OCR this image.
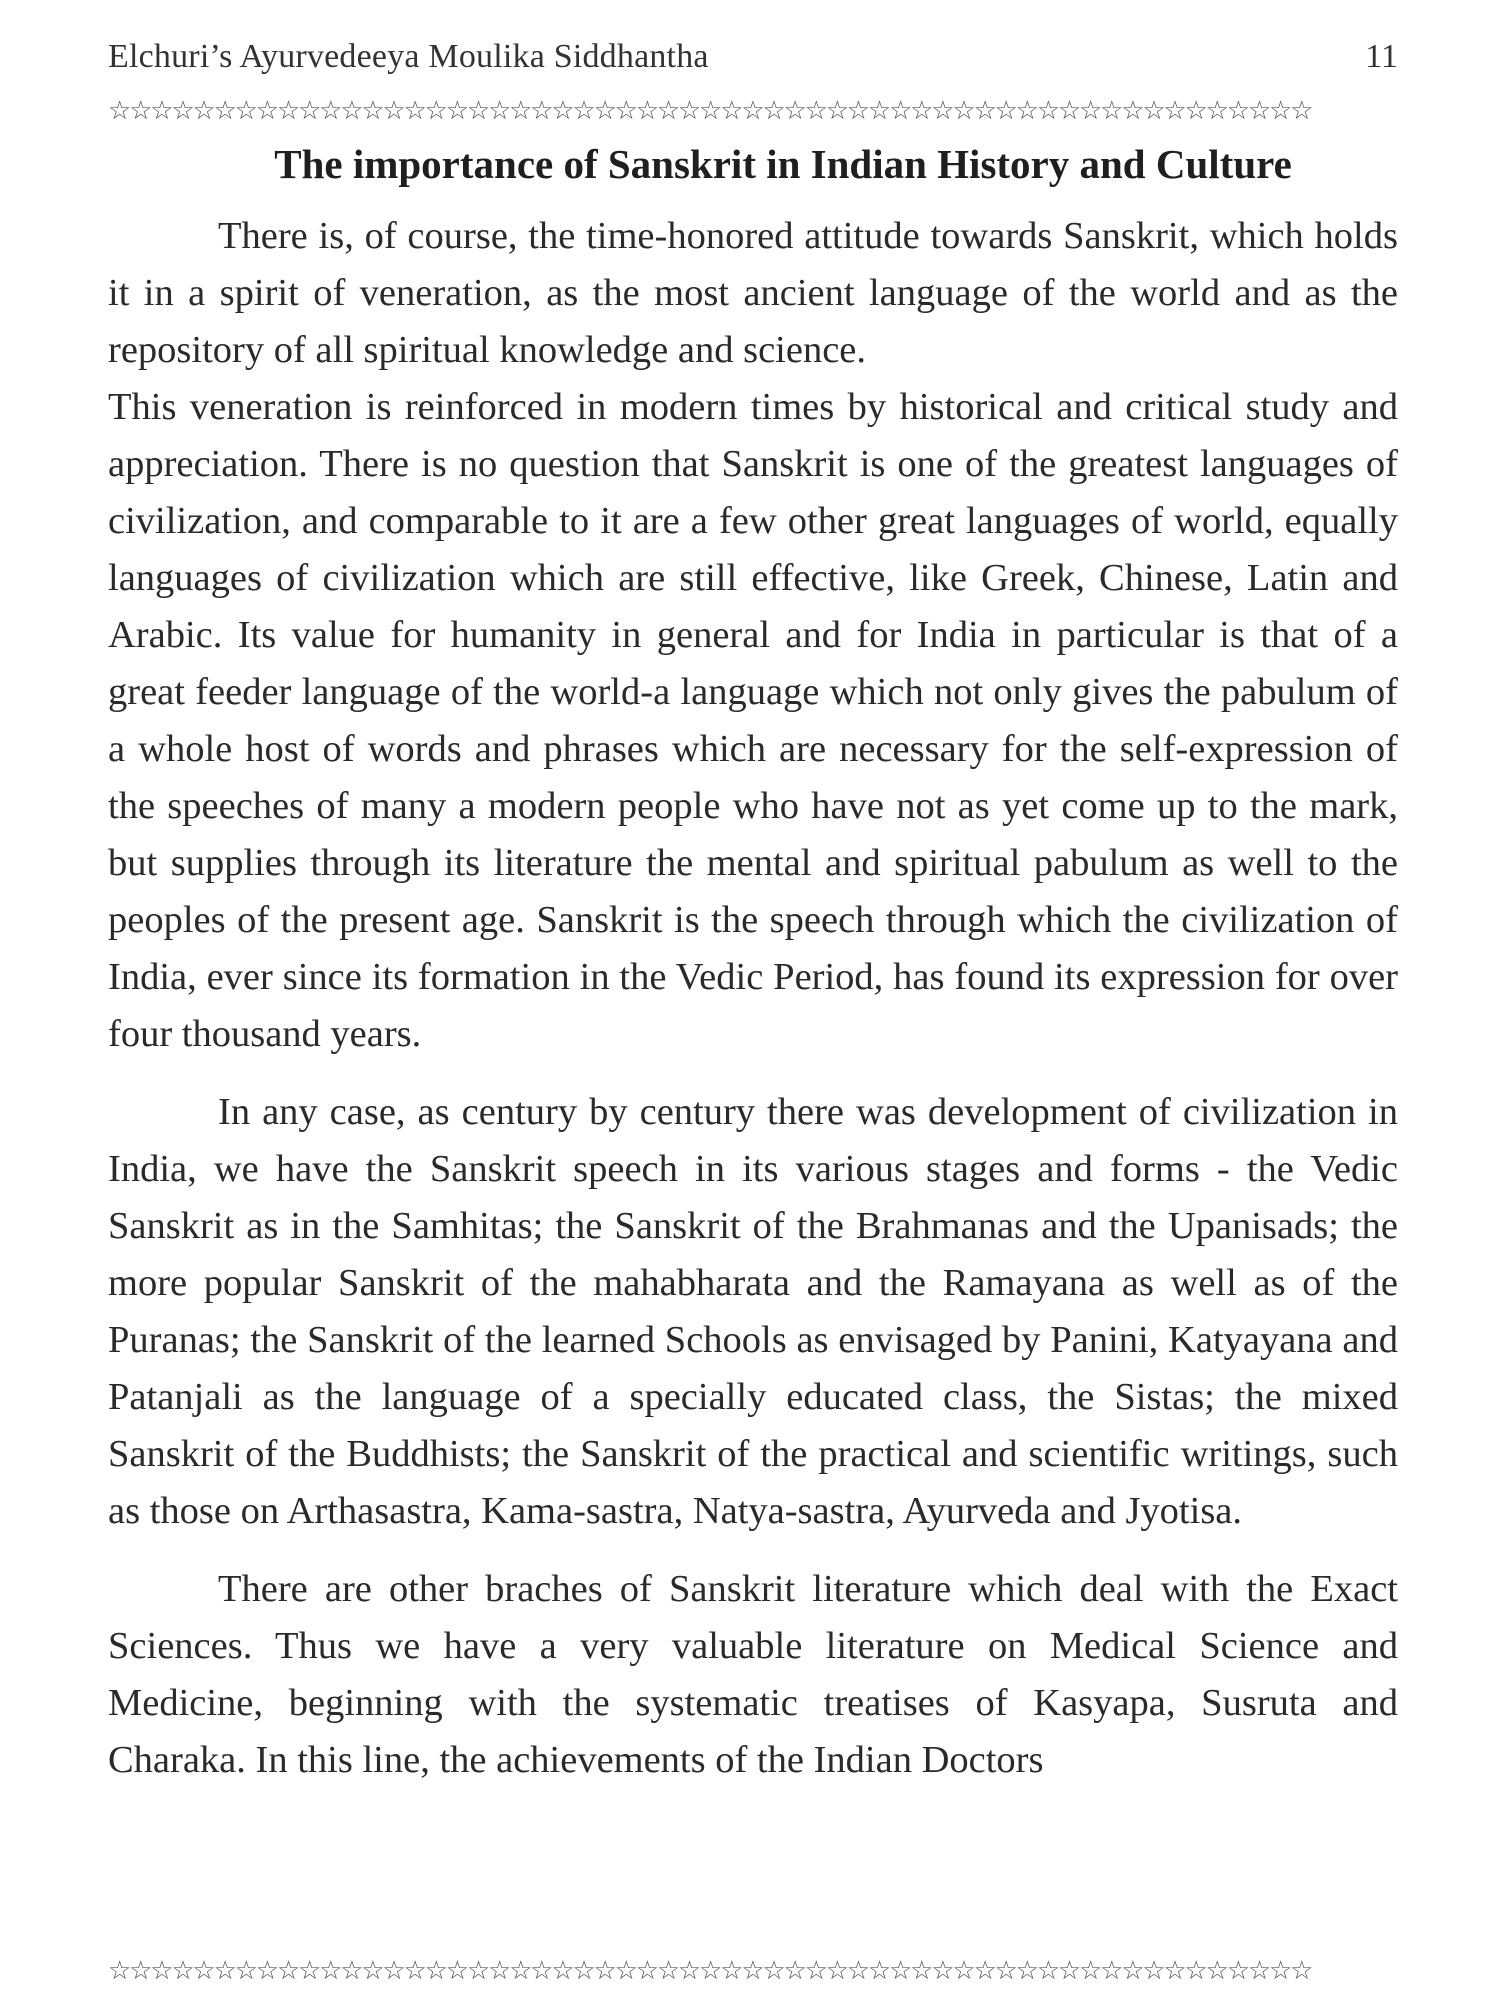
Elchuri’s Ayurvedeeya Moulika Siddhantha	11
☆☆☆☆☆☆☆☆☆☆☆☆☆☆☆☆☆☆☆☆☆☆☆☆☆☆☆☆☆☆☆☆☆☆☆☆☆☆☆☆☆☆☆☆☆☆☆☆☆☆☆☆☆☆☆☆☆
The importance of Sanskrit in Indian History and Culture

There is, of course, the time-honored attitude towards Sanskrit, which holds it in a spirit of veneration, as the most ancient language of the world and as the repository of all spiritual knowledge and science.

This veneration is reinforced in modern times by historical and critical study and appreciation. There is no question that Sanskrit is one of the greatest languages of civilization, and comparable to it are a few other great languages of world, equally languages of civilization which are still effective, like Greek, Chinese, Latin and Arabic. Its value for humanity in general and for India in particular is that of a great feeder language of the world-a language which not only gives the pabulum of a whole host of words and phrases which are necessary for the self-expression of the speeches of many a modern people who have not as yet come up to the mark, but supplies through its literature the mental and spiritual pabulum as well to the peoples of the present age. Sanskrit is the speech through which the civilization of India, ever since its formation in the Vedic Period, has found its expression for over four thousand years.

In any case, as century by century there was development of civilization in India, we have the Sanskrit speech in its various stages and forms - the Vedic Sanskrit as in the Samhitas; the Sanskrit of the Brahmanas and the Upanisads; the more popular Sanskrit of the mahabharata and the Ramayana as well as of the Puranas; the Sanskrit of the learned Schools as envisaged by Panini, Katyayana and Patanjali as the language of a specially educated class, the Sistas; the mixed Sanskrit of the Buddhists; the Sanskrit of the practical and scientific writings, such as those on Arthasastra, Kama-sastra, Natya-sastra, Ayurveda and Jyotisa.

There are other braches of Sanskrit literature which deal with the Exact Sciences. Thus we have a very valuable literature on Medical Science and Medicine, beginning with the systematic treatises of Kasyapa, Susruta and Charaka. In this line, the achievements of the Indian Doctors

☆☆☆☆☆☆☆☆☆☆☆☆☆☆☆☆☆☆☆☆☆☆☆☆☆☆☆☆☆☆☆☆☆☆☆☆☆☆☆☆☆☆☆☆☆☆☆☆☆☆☆☆☆☆☆☆☆
